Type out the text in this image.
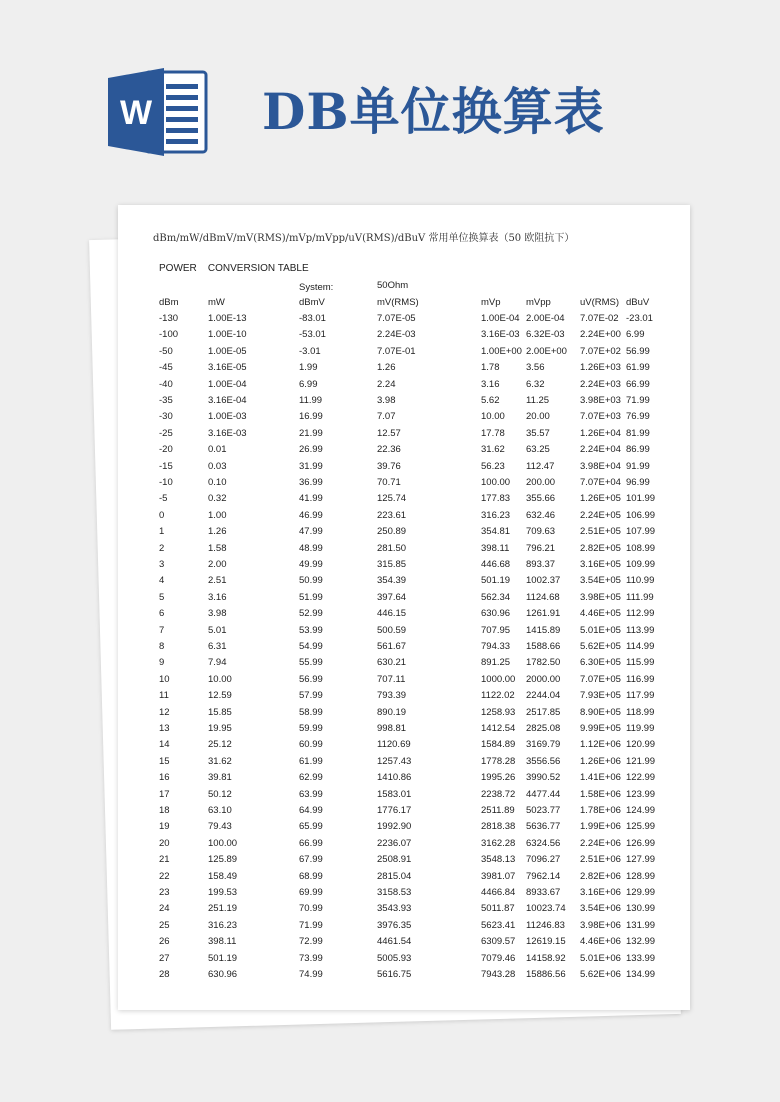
W DB单位换算表
dBm/mW/dBmV/mV(RMS)/mVp/mVpp/uV(RMS)/dBuV 常用单位换算表（50 欧阻抗下）
POWER    CONVERSION TABLE
System:	50Ohm
dBm	mW	dBmV	mV(RMS)	mVp	mVpp	uV(RMS) dBuV
-130	1.00E-13	-83.01	7.07E-05	1.00E-04 2.00E-04 7.07E-02 -23.01
-100	1.00E-10	-53.01	2.24E-03	3.16E-03 6.32E-03 2.24E+00 6.99
-50	1.00E-05	-3.01	7.07E-01	1.00E+00 2.00E+00 7.07E+02 56.99
-45	3.16E-05	1.99	1.26	1.78	3.56	1.26E+03 61.99
-40	1.00E-04	6.99	2.24	3.16	6.32	2.24E+03 66.99
-35	3.16E-04	11.99	3.98	5.62	11.25	3.98E+03 71.99
-30	1.00E-03	16.99	7.07	10.00 20.00	7.07E+03 76.99
-25	3.16E-03	21.99	12.57	17.78 35.57	1.26E+04 81.99
-20	0.01	26.99	22.36	31.62 63.25	2.24E+04 86.99
-15	0.03	31.99	39.76	56.23 112.47	3.98E+04 91.99
-10	0.10	36.99	70.71	100.00 200.00	7.07E+04 96.99
-5	0.32	41.99	125.74	177.83 355.66	1.26E+05 101.99
0	1.00	46.99	223.61	316.23 632.46	2.24E+05 106.99
1	1.26	47.99	250.89	354.81 709.63	2.51E+05 107.99
2	1.58	48.99	281.50	398.11 796.21	2.82E+05 108.99
3	2.00	49.99	315.85	446.68 893.37	3.16E+05 109.99
4	2.51	50.99	354.39	501.19 1002.37 3.54E+05 110.99
5	3.16	51.99	397.64	562.34 1124.68 3.98E+05 111.99
6	3.98	52.99	446.15	630.96 1261.91 4.46E+05 112.99
7	5.01	53.99	500.59	707.95 1415.89 5.01E+05 113.99
8	6.31	54.99	561.67	794.33 1588.66 5.62E+05 114.99
9	7.94	55.99	630.21	891.25 1782.50 6.30E+05 115.99
10	10.00	56.99	707.11	1000.00 2000.00 7.07E+05 116.99
11	12.59	57.99	793.39	1122.02 2244.04 7.93E+05 117.99
12	15.85	58.99	890.19	1258.93 2517.85 8.90E+05 118.99
13	19.95	59.99	998.81	1412.54 2825.08 9.99E+05 119.99
14	25.12	60.99	1120.69	1584.89 3169.79 1.12E+06 120.99
15	31.62	61.99	1257.43	1778.28 3556.56 1.26E+06 121.99
16	39.81	62.99	1410.86	1995.26 3990.52 1.41E+06 122.99
17	50.12	63.99	1583.01	2238.72 4477.44 1.58E+06 123.99
18	63.10	64.99	1776.17	2511.89 5023.77 1.78E+06 124.99
19	79.43	65.99	1992.90	2818.38 5636.77 1.99E+06 125.99
20	100.00	66.99	2236.07	3162.28 6324.56 2.24E+06 126.99
21	125.89	67.99	2508.91	3548.13 7096.27 2.51E+06 127.99
22	158.49	68.99	2815.04	3981.07 7962.14 2.82E+06 128.99
23	199.53	69.99	3158.53	4466.84 8933.67 3.16E+06 129.99
24	251.19	70.99	3543.93	5011.87 10023.74 3.54E+06 130.99
25	316.23	71.99	3976.35	5623.41 11246.83 3.98E+06 131.99
26	398.11	72.99	4461.54	6309.57 12619.15 4.46E+06 132.99
27	501.19	73.99	5005.93	7079.46 14158.92 5.01E+06 133.99
28	630.96	74.99	5616.75	7943.28 15886.56 5.62E+06 134.99
